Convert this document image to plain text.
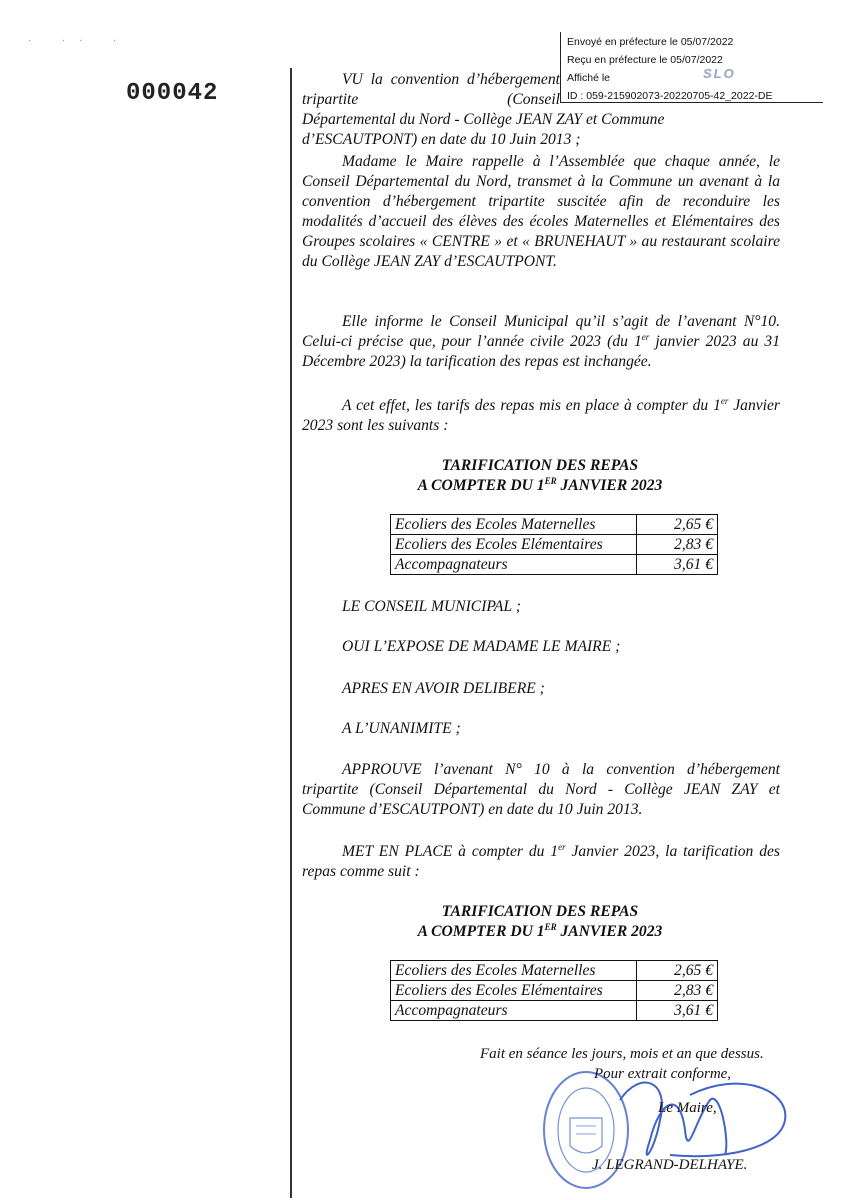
· ·· ·
000042
Envoyé en préfecture le 05/07/2022
Reçu en préfecture le 05/07/2022
Affiché le	SLO
ID : 059-215902073-20220705-42_2022-DE
VU la convention d’hébergement tripartite (Conseil
Départemental du Nord - Collège JEAN ZAY et Commune
d’ESCAUTPONT) en date du 10 Juin 2013 ;
Madame le Maire rappelle à l’Assemblée que chaque année, le Conseil Départemental du Nord, transmet à la Commune un avenant à la convention d’hébergement tripartite suscitée afin de reconduire les modalités d’accueil des élèves des écoles Maternelles et Elémentaires des Groupes scolaires « CENTRE » et « BRUNEHAUT » au restaurant scolaire du Collège JEAN ZAY d’ESCAUTPONT.
Elle informe le Conseil Municipal qu’il s’agit de l’avenant N°10. Celui-ci précise que, pour l’année civile 2023 (du 1er janvier 2023 au 31 Décembre 2023) la tarification des repas est inchangée.
A cet effet, les tarifs des repas mis en place à compter du 1er Janvier 2023 sont les suivants :
TARIFICATION DES REPAS
A COMPTER DU 1ER JANVIER 2023
Ecoliers des Ecoles Maternelles	2,65 €
Ecoliers des Ecoles Elémentaires	2,83 €
Accompagnateurs	3,61 €
LE CONSEIL MUNICIPAL ;
OUI L’EXPOSE DE MADAME LE MAIRE ;
APRES EN AVOIR DELIBERE ;
A L’UNANIMITE ;
APPROUVE l’avenant N° 10 à la convention d’hébergement tripartite (Conseil Départemental du Nord - Collège JEAN ZAY et Commune d’ESCAUTPONT) en date du 10 Juin 2013.
MET EN PLACE à compter du 1er Janvier 2023, la tarification des repas comme suit :
TARIFICATION DES REPAS
A COMPTER DU 1ER JANVIER 2023
Ecoliers des Ecoles Maternelles	2,65 €
Ecoliers des Ecoles Elémentaires	2,83 €
Accompagnateurs	3,61 €
Fait en séance les jours, mois et an que dessus.
Pour extrait conforme,
Le Maire,
J. LEGRAND-DELHAYE.
